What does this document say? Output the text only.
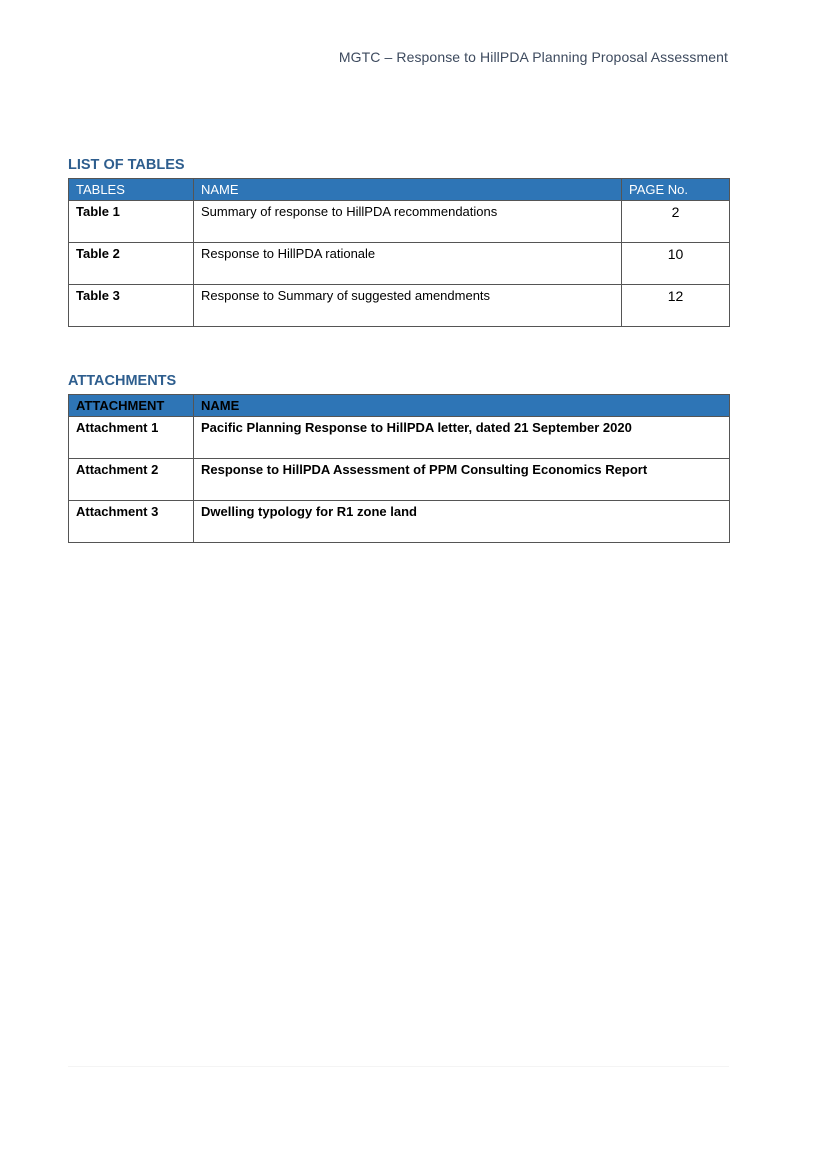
MGTC – Response to HillPDA Planning Proposal Assessment
LIST OF TABLES
TABLES	NAME	PAGE No.
Table 1	Summary of response to HillPDA recommendations	2
Table 2	Response to HillPDA rationale	10
Table 3	Response to Summary of suggested amendments	12
ATTACHMENTS
ATTACHMENT	NAME
Attachment 1	Pacific Planning Response to HillPDA letter, dated 21 September 2020
Attachment 2	Response to HillPDA Assessment of PPM Consulting Economics Report
Attachment 3	Dwelling typology for R1 zone land
